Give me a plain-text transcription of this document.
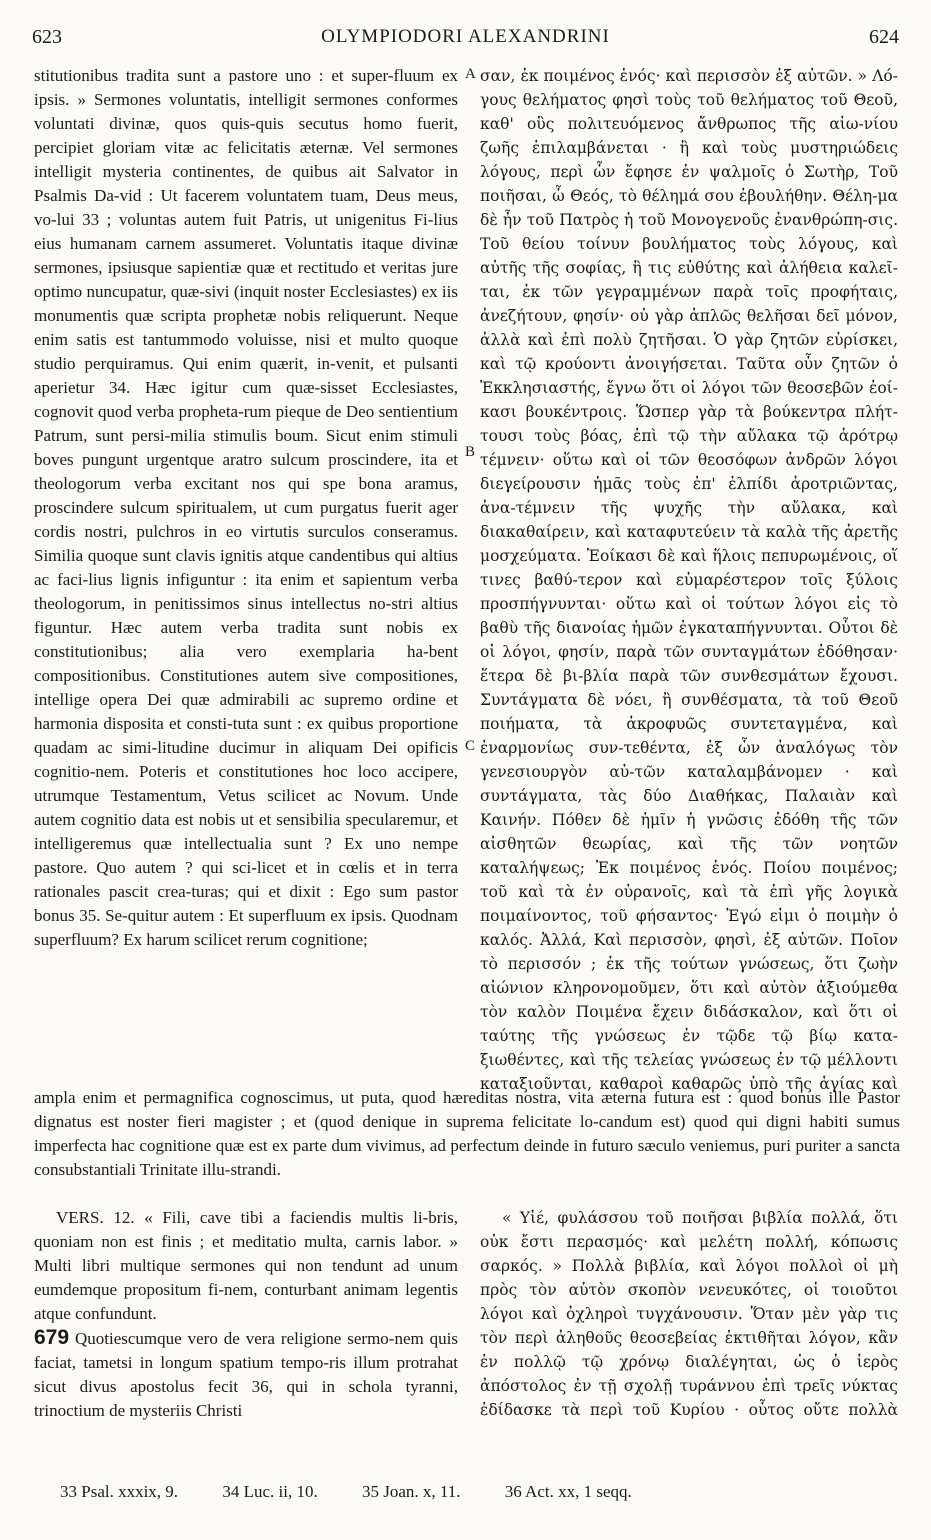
623	OLYMPIODORI ALEXANDRINI	624
A
B
C

stitutionibus tradita sunt a pastore uno : et super-fluum ex ipsis. » Sermones voluntatis, intelligit sermones conformes voluntati divinæ, quos quis-quis secutus homo fuerit, percipiet gloriam vitæ ac felicitatis æternæ. Vel sermones intelligit mysteria continentes, de quibus ait Salvator in Psalmis Da-vid : Ut facerem voluntatem tuam, Deus meus, vo-lui 33 ; voluntas autem fuit Patris, ut unigenitus Fi-lius eius humanam carnem assumeret. Voluntatis itaque divinæ sermones, ipsiusque sapientiæ quæ et rectitudo et veritas jure optimo nuncupatur, quæ-sivi (inquit noster Ecclesiastes) ex iis monumentis quæ scripta prophetæ nobis reliquerunt. Neque enim satis est tantummodo voluisse, nisi et multo quoque studio perquiramus. Qui enim quærit, in-venit, et pulsanti aperietur 34. Hæc igitur cum quæ-sisset Ecclesiastes, cognovit quod verba propheta-rum pieque de Deo sentientium Patrum, sunt persi-milia stimulis boum. Sicut enim stimuli boves pungunt urgentque aratro sulcum proscindere, ita et theologorum verba excitant nos qui spe bona aramus, proscindere sulcum spiritualem, ut cum purgatus fuerit ager cordis nostri, pulchros in eo virtutis surculos conseramus. Similia quoque sunt clavis ignitis atque candentibus qui altius ac faci-lius lignis infiguntur : ita enim et sapientum verba theologorum, in penitissimos sinus intellectus no-stri altius figuntur. Hæc autem verba tradita sunt nobis ex constitutionibus; alia vero exemplaria ha-bent compositionibus. Constitutiones autem sive compositiones, intellige opera Dei quæ admirabili ac supremo ordine et harmonia disposita et consti-tuta sunt : ex quibus proportione quadam ac simi-litudine ducimur in aliquam Dei opificis cognitio-nem. Poteris et constitutiones hoc loco accipere, utrumque Testamentum, Vetus scilicet ac Novum. Unde autem cognitio data est nobis ut et sensibilia specularemur, et intelligeremus quæ intellectualia sunt ? Ex uno nempe pastore. Quo autem ? qui sci-licet et in cœlis et in terra rationales pascit crea-turas; qui et dixit : Ego sum pastor bonus 35. Se-quitur autem : Et superfluum ex ipsis. Quodnam superfluum? Ex harum scilicet rerum cognitione;

σαν, ἐκ ποιμένος ἑνός· καὶ περισσὸν ἐξ αὐτῶν. » Λό-γους θελήματος φησὶ τοὺς τοῦ θελήματος τοῦ Θεοῦ, καθ' οὓς πολιτευόμενος ἄνθρωπος τῆς αἰω-νίου ζωῆς ἐπιλαμβάνεται · ἢ καὶ τοὺς μυστηριώδεις λόγους, περὶ ὧν ἔφησε ἐν ψαλμοῖς ὁ Σωτὴρ, Τοῦ ποιῆσαι, ὦ Θεός, τὸ θέλημά σου ἐβουλήθην. Θέλη-μα δὲ ἦν τοῦ Πατρὸς ἡ τοῦ Μονογενοῦς ἐνανθρώπη-σις. Τοῦ θείου τοίνυν βουλήματος τοὺς λόγους, καὶ αὐτῆς τῆς σοφίας, ἣ τις εὐθύτης καὶ ἀλήθεια καλεῖ-ται, ἐκ τῶν γεγραμμένων παρὰ τοῖς προφήταις, ἀνεζήτουν, φησίν· οὐ γὰρ ἁπλῶς θελῆσαι δεῖ μόνον, ἀλλὰ καὶ ἐπὶ πολὺ ζητῆσαι. Ὁ γὰρ ζητῶν εὑρίσκει, καὶ τῷ κρούοντι ἀνοιγήσεται. Ταῦτα οὖν ζητῶν ὁ Ἐκκλησιαστής, ἔγνω ὅτι οἱ λόγοι τῶν θεοσεβῶν ἐοί-κασι βουκέντροις. Ὥσπερ γὰρ τὰ βούκεντρα πλήτ-τουσι τοὺς βόας, ἐπὶ τῷ τὴν αὔλακα τῷ ἀρότρῳ τέμνειν· οὕτω καὶ οἱ τῶν θεοσόφων ἀνδρῶν λόγοι διεγείρουσιν ἡμᾶς τοὺς ἐπ' ἐλπίδι ἀροτριῶντας, ἀνα-τέμνειν τῆς ψυχῆς τὴν αὔλακα, καὶ διακαθαίρειν, καὶ καταφυτεύειν τὰ καλὰ τῆς ἀρετῆς μοσχεύματα. Ἐοίκασι δὲ καὶ ἥλοις πεπυρωμένοις, οἵ τινες βαθύ-τερον καὶ εὐμαρέστερον τοῖς ξύλοις προσπήγνυνται· οὕτω καὶ οἱ τούτων λόγοι εἰς τὸ βαθὺ τῆς διανοίας ἡμῶν ἐγκαταπήγνυνται. Οὗτοι δὲ οἱ λόγοι, φησίν, παρὰ τῶν συνταγμάτων ἐδόθησαν· ἕτερα δὲ βι-βλία παρὰ τῶν συνθεσμάτων ἔχουσι. Συντάγματα δὲ νόει, ἢ συνθέσματα, τὰ τοῦ Θεοῦ ποιήματα, τὰ ἀκροφυῶς συντεταγμένα, καὶ ἐναρμονίως συν-τεθέντα, ἐξ ὧν ἀναλόγως τὸν γενεσιουργὸν αὐ-τῶν καταλαμβάνομεν · καὶ συντάγματα, τὰς δύο Διαθήκας, Παλαιὰν καὶ Καινήν. Πόθεν δὲ ἡμῖν ἡ γνῶσις ἐδόθη τῆς τῶν αἰσθητῶν θεωρίας, καὶ τῆς τῶν νοητῶν καταλήψεως; Ἐκ ποιμένος ἑνός. Ποίου ποιμένος; τοῦ καὶ τὰ ἐν οὐρανοῖς, καὶ τὰ ἐπὶ γῆς λογικὰ ποιμαίνοντος, τοῦ φήσαντος· Ἐγώ εἰμι ὁ ποιμὴν ὁ καλός. Ἀλλά, Καὶ περισσὸν, φησὶ, ἐξ αὐτῶν. Ποῖον τὸ περισσόν ; ἐκ τῆς τούτων γνώσεως, ὅτι ζωὴν αἰώνιον κληρονομοῦμεν, ὅτι καὶ αὐτὸν ἀξιούμεθα τὸν καλὸν Ποιμένα ἔχειν διδάσκαλον, καὶ ὅτι οἱ ταύτης τῆς γνώσεως ἐν τῷδε τῷ βίῳ κατα-ξιωθέντες, καὶ τῆς τελείας γνώσεως ἐν τῷ μέλλοντι καταξιοῦνται, καθαροὶ καθαρῶς ὑπὸ τῆς ἁγίας καὶ

ampla enim et permagnifica cognoscimus, ut puta, quod hæreditas nostra, vita æterna futura est : quod bonus ille Pastor dignatus est noster fieri magister ; et (quod denique in suprema felicitate lo-candum est) quod qui digni habiti sumus imperfecta hac cognitione quæ est ex parte dum vivimus, ad perfectum deinde in futuro sæculo veniemus, puri puriter a sancta consubstantiali Trinitate illu-strandi.

VERS. 12. « Fili, cave tibi a faciendis multis li-bris, quoniam non est finis ; et meditatio multa, carnis labor. » Multi libri multique sermones qui non tendunt ad unum eumdemque propositum fi-nem, conturbant animam legentis atque confundunt.

679 Quotiescumque vero de vera religione sermo-nem quis faciat, tametsi in longum spatium tempo-ris illum protrahat sicut divus apostolus fecit 36, qui in schola tyranni, trinoctium de mysteriis Christi

« Υἱέ, φυλάσσου τοῦ ποιῆσαι βιβλία πολλά, ὅτι οὐκ ἔστι περασμός· καὶ μελέτη πολλή, κόπωσις σαρκός. » Πολλὰ βιβλία, καὶ λόγοι πολλοὶ οἱ μὴ πρὸς τὸν αὐτὸν σκοπὸν νενευκότες, οἱ τοιοῦτοι λόγοι καὶ ὀχληροὶ τυγχάνουσιν. Ὅταν μὲν γὰρ τις τὸν περὶ ἀληθοῦς θεοσεβείας ἐκτιθῆται λόγον, κἂν ἐν πολλῷ τῷ χρόνῳ διαλέγηται, ὡς ὁ ἱερὸς ἀπόστολος ἐν τῇ σχολῇ τυράννου ἐπὶ τρεῖς νύκτας ἐδίδασκε τὰ περὶ τοῦ Κυρίου · οὗτος οὔτε πολλὰ

33 Psal. xxxix, 9.	34 Luc. ii, 10.	35 Joan. x, 11.	36 Act. xx, 1 seqq.
